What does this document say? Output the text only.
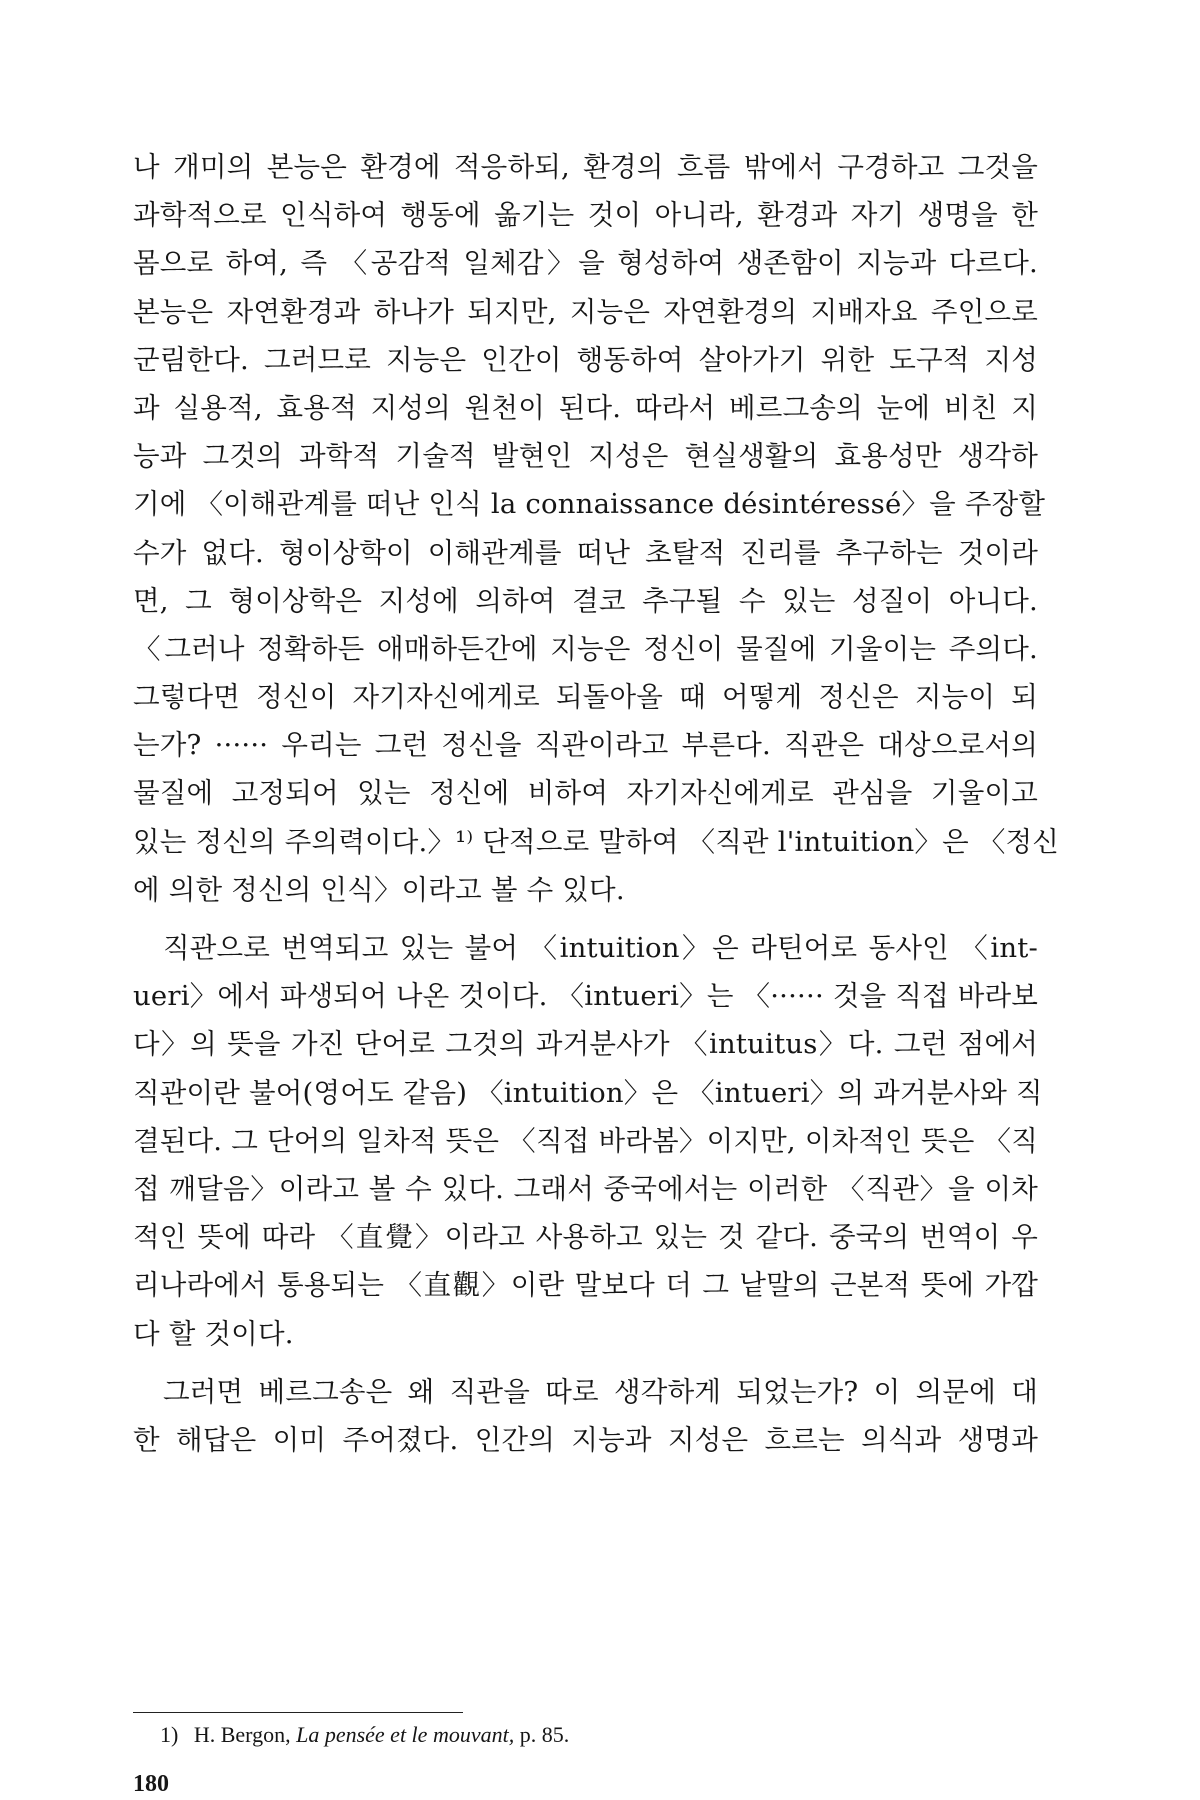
나 개미의 본능은 환경에 적응하되, 환경의 흐름 밖에서 구경하고 그것을
과학적으로 인식하여 행동에 옮기는 것이 아니라, 환경과 자기 생명을 한
몸으로 하여, 즉 〈공감적 일체감〉을 형성하여 생존함이 지능과 다르다.
본능은 자연환경과 하나가 되지만, 지능은 자연환경의 지배자요 주인으로
군림한다. 그러므로 지능은 인간이 행동하여 살아가기 위한 도구적 지성
과 실용적, 효용적 지성의 원천이 된다. 따라서 베르그송의 눈에 비친 지
능과 그것의 과학적 기술적 발현인 지성은 현실생활의 효용성만 생각하
기에 〈이해관계를 떠난 인식 la connaissance désintéressé〉을 주장할
수가 없다. 형이상학이 이해관계를 떠난 초탈적 진리를 추구하는 것이라
면, 그 형이상학은 지성에 의하여 결코 추구될 수 있는 성질이 아니다.
〈그러나 정확하든 애매하든간에 지능은 정신이 물질에 기울이는 주의다.
그렇다면 정신이 자기자신에게로 되돌아올 때 어떻게 정신은 지능이 되
는가? ······ 우리는 그런 정신을 직관이라고 부른다. 직관은 대상으로서의
물질에 고정되어 있는 정신에 비하여 자기자신에게로 관심을 기울이고
있는 정신의 주의력이다.〉¹⁾ 단적으로 말하여 〈직관 l'intuition〉은 〈정신
에 의한 정신의 인식〉이라고 볼 수 있다.
직관으로 번역되고 있는 불어 〈intuition〉은 라틴어로 동사인 〈int-
ueri〉에서 파생되어 나온 것이다. 〈intueri〉는 〈······ 것을 직접 바라보
다〉의 뜻을 가진 단어로 그것의 과거분사가 〈intuitus〉다. 그런 점에서
직관이란 불어(영어도 같음) 〈intuition〉은 〈intueri〉의 과거분사와 직
결된다. 그 단어의 일차적 뜻은 〈직접 바라봄〉이지만, 이차적인 뜻은 〈직
접 깨달음〉이라고 볼 수 있다. 그래서 중국에서는 이러한 〈직관〉을 이차
적인 뜻에 따라 〈直覺〉이라고 사용하고 있는 것 같다. 중국의 번역이 우
리나라에서 통용되는 〈直觀〉이란 말보다 더 그 낱말의 근본적 뜻에 가깝
다 할 것이다.
그러면 베르그송은 왜 직관을 따로 생각하게 되었는가? 이 의문에 대
한 해답은 이미 주어졌다. 인간의 지능과 지성은 흐르는 의식과 생명과
1) H. Bergon, La pensée et le mouvant, p. 85.
180
